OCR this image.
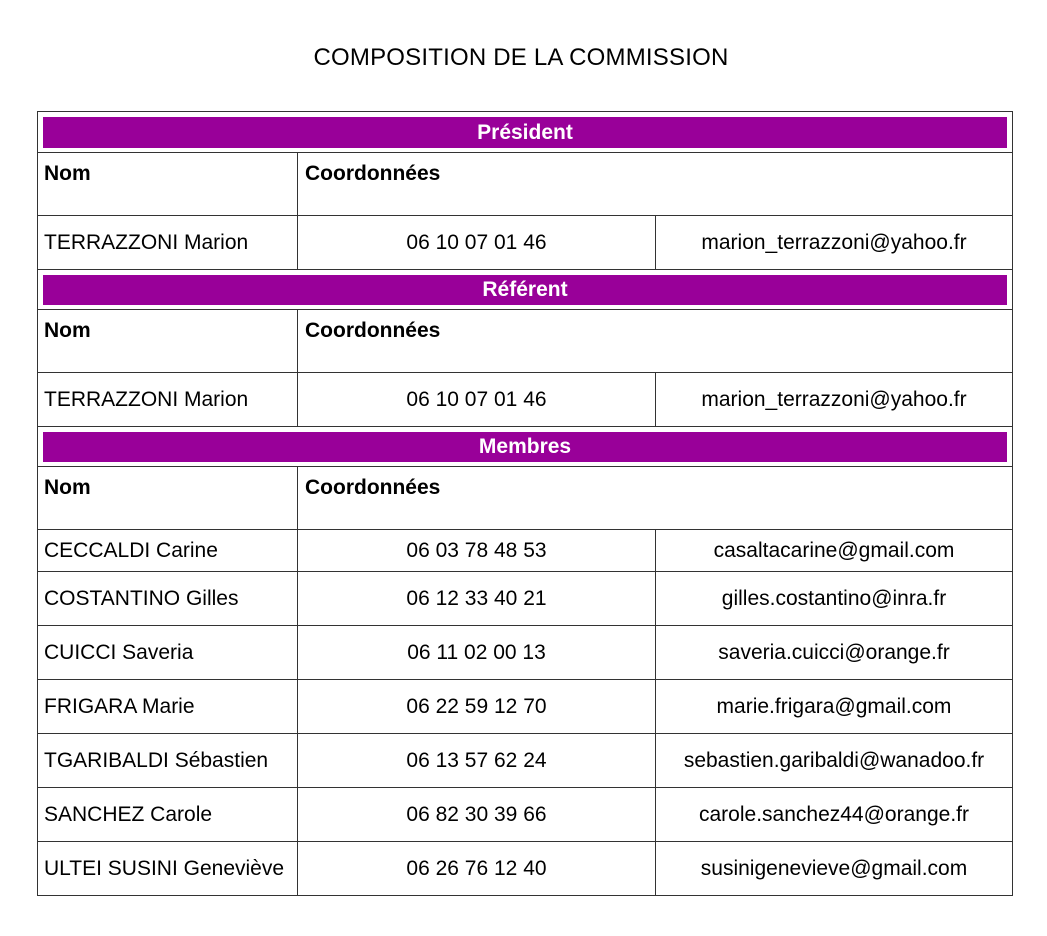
COMPOSITION DE LA COMMISSION
Président
Nom	Coordonnées
TERRAZZONI Marion	06 10 07 01 46	marion_terrazzoni@yahoo.fr
Référent
Nom	Coordonnées
TERRAZZONI Marion	06 10 07 01 46	marion_terrazzoni@yahoo.fr
Membres
Nom	Coordonnées
CECCALDI Carine	06 03 78 48 53	casaltacarine@gmail.com
COSTANTINO Gilles	06 12 33 40 21	gilles.costantino@inra.fr
CUICCI Saveria	06 11 02 00 13	saveria.cuicci@orange.fr
FRIGARA Marie	06 22 59 12 70	marie.frigara@gmail.com
TGARIBALDI Sébastien	06 13 57 62 24	sebastien.garibaldi@wanadoo.fr
SANCHEZ Carole	06 82 30 39 66	carole.sanchez44@orange.fr
ULTEI SUSINI Geneviève	06 26 76 12 40	susinigenevieve@gmail.com
